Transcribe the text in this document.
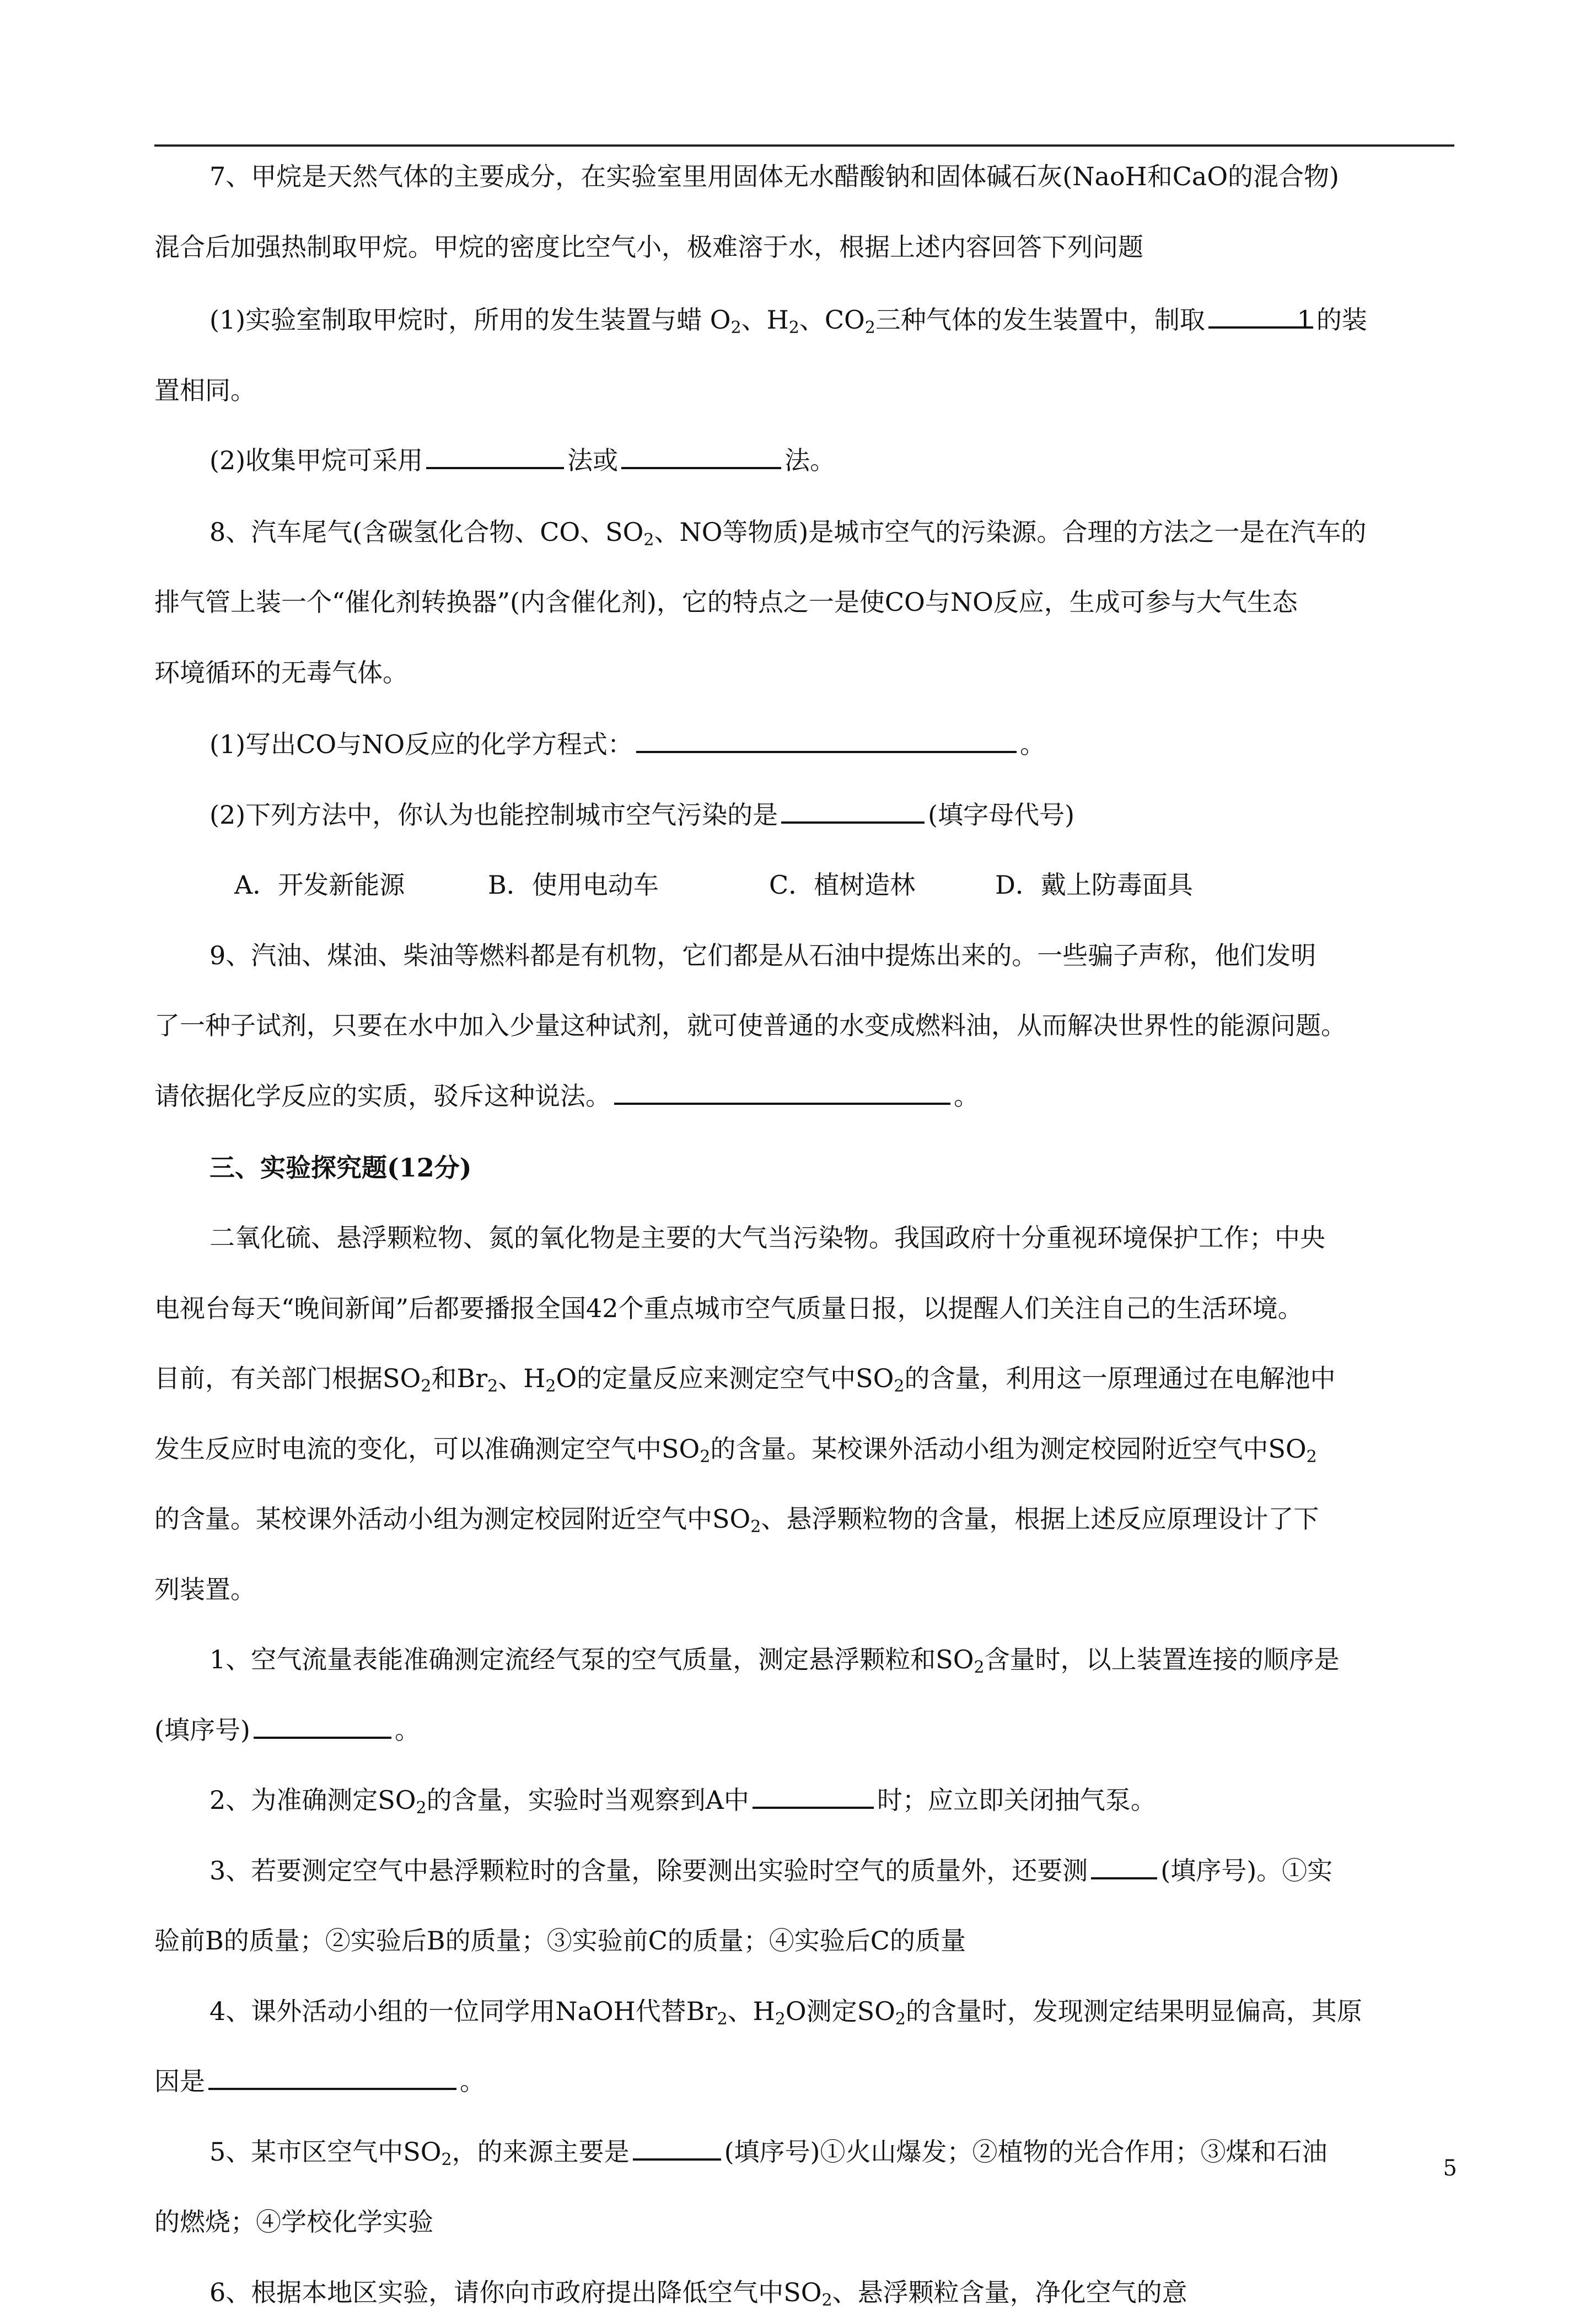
7、甲烷是天然气体的主要成分，在实验室里用固体无水醋酸钠和固体碱石灰(NaoH和CaO的混合物)
混合后加强热制取甲烷。甲烷的密度比空气小，极难溶于水，根据上述内容回答下列问题
(1)实验室制取甲烷时，所用的发生装置与蜡 $O_2$、$H_2$、$CO_2$三种气体的发生装置中，制取	1 的装
置相同。
(2)收集甲烷可采用	法或	法。
8、汽车尾气(含碳氢化合物、CO、$SO_2$、NO等物质)是城市空气的污染源。合理的方法之一是在汽车的
排气管上装一个“催化剂转换器”(内含催化剂)，它的特点之一是使CO与NO反应，生成可参与大气生态
环境循环的无毒气体。
(1)写出CO与NO反应的化学方程式：	。
(2)下列方法中，你认为也能控制城市空气污染的是	(填字母代号)
A．开发新能源	B．使用电动车	C．植树造林	D．戴上防毒面具
9、汽油、煤油、柴油等燃料都是有机物，它们都是从石油中提炼出来的。一些骗子声称，他们发明
了一种子试剂，只要在水中加入少量这种试剂，就可使普通的水变成燃料油，从而解决世界性的能源问题。
请依据化学反应的实质，驳斥这种说法。	。
三、实验探究题(12分)
二氧化硫、悬浮颗粒物、氮的氧化物是主要的大气当污染物。我国政府十分重视环境保护工作；中央
电视台每天“晚间新闻”后都要播报全国42个重点城市空气质量日报，以提醒人们关注自己的生活环境。
目前，有关部门根据$SO_2$和$Br_2$、$H_2O$的定量反应来测定空气中$SO_2$的含量，利用这一原理通过在电解池中
发生反应时电流的变化，可以准确测定空气中$SO_2$的含量。某校课外活动小组为测定校园附近空气中$SO_2$
的含量。某校课外活动小组为测定校园附近空气中$SO_2$、悬浮颗粒物的含量，根据上述反应原理设计了下
列装置。
1、空气流量表能准确测定流经气泵的空气质量，测定悬浮颗粒和$SO_2$含量时，以上装置连接的顺序是
(填序号)	。
2、为准确测定$SO_2$的含量，实验时当观察到A中	时；应立即关闭抽气泵。
3、若要测定空气中悬浮颗粒时的含量，除要测出实验时空气的质量外，还要测	(填序号)。①实
验前B的质量；②实验后B的质量；③实验前C的质量；④实验后C的质量
4、课外活动小组的一位同学用NaOH代替$Br_2$、$H_2O$测定$SO_2$的含量时，发现测定结果明显偏高，其原
因是	。
5、某市区空气中$SO_2$，的来源主要是	(填序号)①火山爆发；②植物的光合作用；③煤和石油
的燃烧；④学校化学实验
6、根据本地区实验，请你向市政府提出降低空气中$SO_2$、悬浮颗粒含量，净化空气的意
5
